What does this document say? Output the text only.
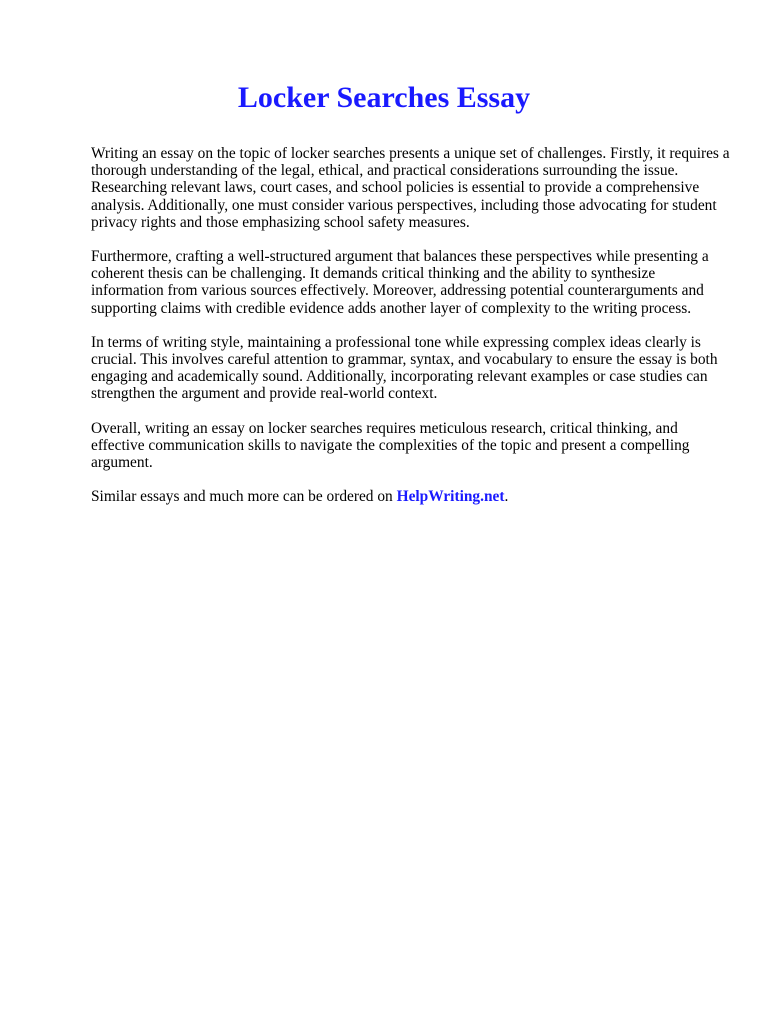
Locker Searches Essay

Writing an essay on the topic of locker searches presents a unique set of challenges. Firstly, it requires a thorough understanding of the legal, ethical, and practical considerations surrounding the issue. Researching relevant laws, court cases, and school policies is essential to provide a comprehensive analysis. Additionally, one must consider various perspectives, including those advocating for student privacy rights and those emphasizing school safety measures.

Furthermore, crafting a well-structured argument that balances these perspectives while presenting a coherent thesis can be challenging. It demands critical thinking and the ability to synthesize information from various sources effectively. Moreover, addressing potential counterarguments and supporting claims with credible evidence adds another layer of complexity to the writing process.

In terms of writing style, maintaining a professional tone while expressing complex ideas clearly is crucial. This involves careful attention to grammar, syntax, and vocabulary to ensure the essay is both engaging and academically sound. Additionally, incorporating relevant examples or case studies can strengthen the argument and provide real-world context.

Overall, writing an essay on locker searches requires meticulous research, critical thinking, and effective communication skills to navigate the complexities of the topic and present a compelling argument.

Similar essays and much more can be ordered on HelpWriting.net.
